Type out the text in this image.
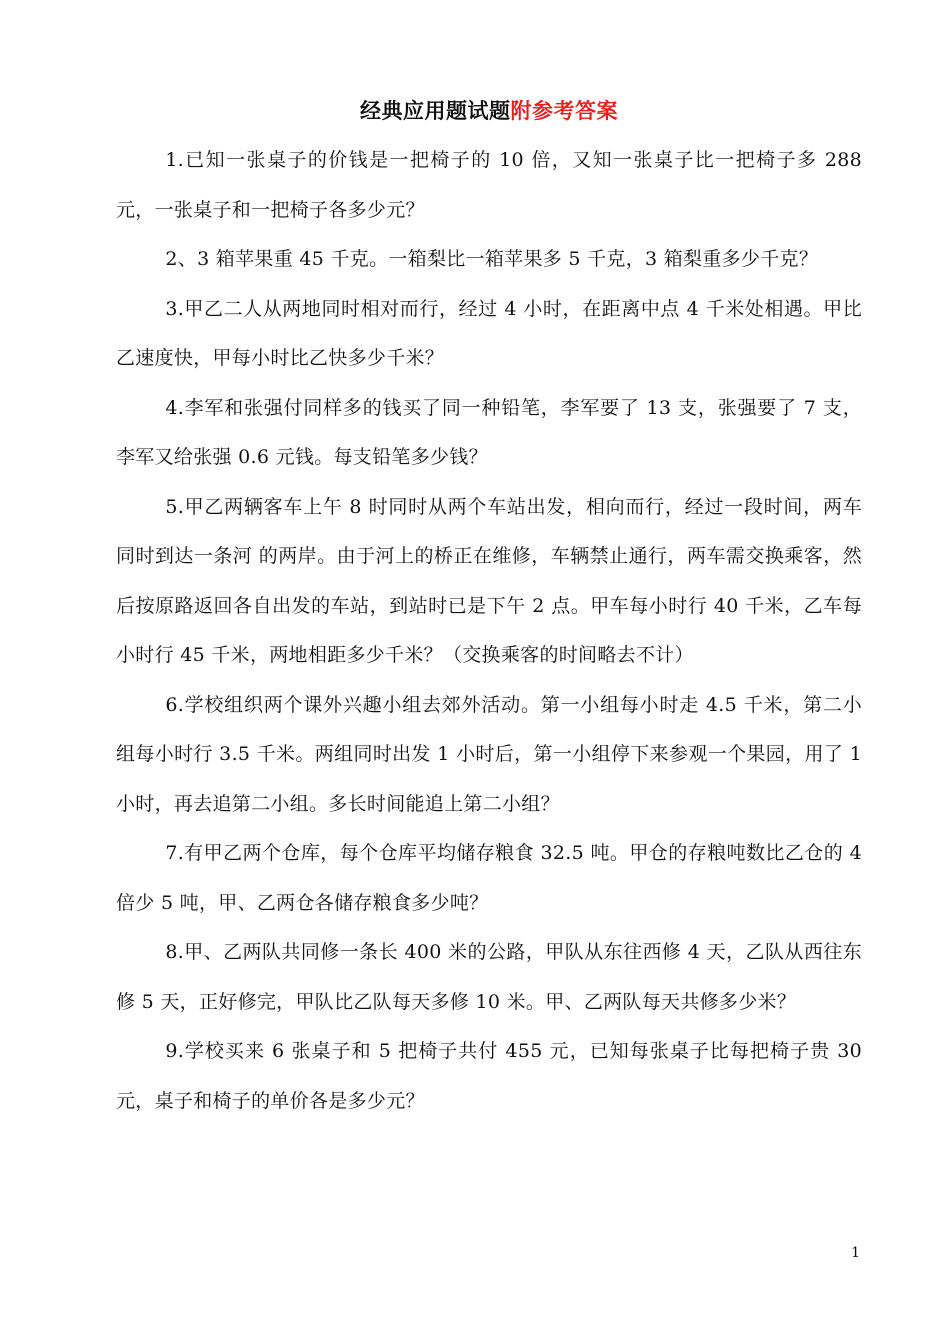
经典应用题试题附参考答案

1.已知一张桌子的价钱是一把椅子的 10 倍，又知一张桌子比一把椅子多 288 元，一张桌子和一把椅子各多少元？

2、3 箱苹果重 45 千克。一箱梨比一箱苹果多 5 千克，3 箱梨重多少千克？

3.甲乙二人从两地同时相对而行，经过 4 小时，在距离中点 4 千米处相遇。甲比乙速度快，甲每小时比乙快多少千米？

4.李军和张强付同样多的钱买了同一种铅笔，李军要了 13 支，张强要了 7 支，李军又给张强 0.6 元钱。每支铅笔多少钱？

5.甲乙两辆客车上午 8 时同时从两个车站出发，相向而行，经过一段时间，两车同时到达一条河 的两岸。由于河上的桥正在维修，车辆禁止通行，两车需交换乘客，然后按原路返回各自出发的车站，到站时已是下午 2 点。甲车每小时行 40 千米，乙车每小时行 45 千米，两地相距多少千米？（交换乘客的时间略去不计）

6.学校组织两个课外兴趣小组去郊外活动。第一小组每小时走 4.5 千米，第二小组每小时行 3.5 千米。两组同时出发 1 小时后，第一小组停下来参观一个果园，用了 1 小时，再去追第二小组。多长时间能追上第二小组？

7.有甲乙两个仓库，每个仓库平均储存粮食 32.5 吨。甲仓的存粮吨数比乙仓的 4 倍少 5 吨，甲、乙两仓各储存粮食多少吨？

8.甲、乙两队共同修一条长 400 米的公路，甲队从东往西修 4 天，乙队从西往东修 5 天，正好修完，甲队比乙队每天多修 10 米。甲、乙两队每天共修多少米？

9.学校买来 6 张桌子和 5 把椅子共付 455 元，已知每张桌子比每把椅子贵 30 元，桌子和椅子的单价各是多少元？

1
